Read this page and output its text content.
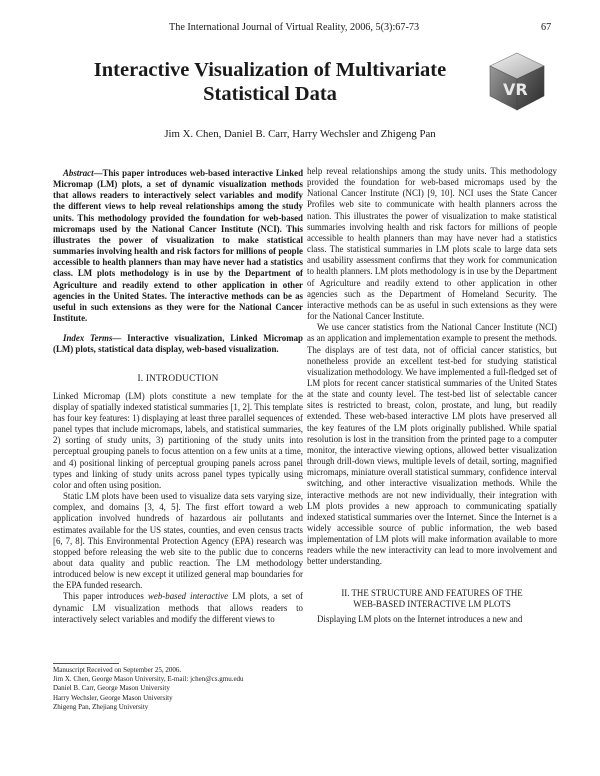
The International Journal of Virtual Reality, 2006, 5(3):67-73	67
VR
Interactive Visualization of Multivariate
Statistical Data
Jim X. Chen, Daniel B. Carr, Harry Wechsler and Zhigeng Pan

Abstract—This paper introduces web-based interactive Linked Micromap (LM) plots, a set of dynamic visualization methods that allows readers to interactively select variables and modify the different views to help reveal relationships among the study units. This methodology provided the foundation for web-based micromaps used by the National Cancer Institute (NCI). This illustrates the power of visualization to make statistical summaries involving health and risk factors for millions of people accessible to health planners than may have never had a statistics class. LM plots methodology is in use by the Department of Agriculture and readily extend to other application in other agencies in the United States. The interactive methods can be as useful in such extensions as they were for the National Cancer Institute.

Index Terms— Interactive visualization, Linked Micromap (LM) plots, statistical data display, web-based visualization.

I. INTRODUCTION

Linked Micromap (LM) plots constitute a new template for the display of spatially indexed statistical summaries [1, 2]. This template has four key features: 1) displaying at least three parallel sequences of panel types that include micromaps, labels, and statistical summaries, 2) sorting of study units, 3) partitioning of the study units into perceptual grouping panels to focus attention on a few units at a time, and 4) positional linking of perceptual grouping panels across panel types and linking of study units across panel types typically using color and often using position.

Static LM plots have been used to visualize data sets varying size, complex, and domains [3, 4, 5]. The first effort toward a web application involved hundreds of hazardous air pollutants and estimates available for the US states, counties, and even census tracts [6, 7, 8]. This Environmental Protection Agency (EPA) research was stopped before releasing the web site to the public due to concerns about data quality and public reaction. The LM methodology introduced below is new except it utilized general map boundaries for the EPA funded research.

This paper introduces web-based interactive LM plots, a set of dynamic LM visualization methods that allows readers to interactively select variables and modify the different views to

Manuscript Received on September 25, 2006.
Jim X. Chen, George Mason University, E-mail: jchen@cs.gmu.edu
Daniel B. Carr, George Mason University
Harry Wechsler, George Mason University
Zhigeng Pan, Zhejiang University

help reveal relationships among the study units. This methodology provided the foundation for web-based micromaps used by the National Cancer Institute (NCI) [9, 10]. NCI uses the State Cancer Profiles web site to communicate with health planners across the nation. This illustrates the power of visualization to make statistical summaries involving health and risk factors for millions of people accessible to health planners than may have never had a statistics class. The statistical summaries in LM plots scale to large data sets and usability assessment confirms that they work for communication to health planners. LM plots methodology is in use by the Department of Agriculture and readily extend to other application in other agencies such as the Department of Homeland Security. The interactive methods can be as useful in such extensions as they were for the National Cancer Institute.

We use cancer statistics from the National Cancer Institute (NCI) as an application and implementation example to present the methods. The displays are of test data, not of official cancer statistics, but nonetheless provide an excellent test-bed for studying statistical visualization methodology. We have implemented a full-fledged set of LM plots for recent cancer statistical summaries of the United States at the state and county level. The test-bed list of selectable cancer sites is restricted to breast, colon, prostate, and lung, but readily extended. These web-based interactive LM plots have preserved all the key features of the LM plots originally published. While spatial resolution is lost in the transition from the printed page to a computer monitor, the interactive viewing options, allowed better visualization through drill-down views, multiple levels of detail, sorting, magnified micromaps, miniature overall statistical summary, confidence interval switching, and other interactive visualization methods. While the interactive methods are not new individually, their integration with LM plots provides a new approach to communicating spatially indexed statistical summaries over the Internet. Since the Internet is a widely accessible source of public information, the web based implementation of LM plots will make information available to more readers while the new interactivity can lead to more involvement and better understanding.

II. THE STRUCTURE AND FEATURES OF THE
WEB-BASED INTERACTIVE LM PLOTS

Displaying LM plots on the Internet introduces a new and
